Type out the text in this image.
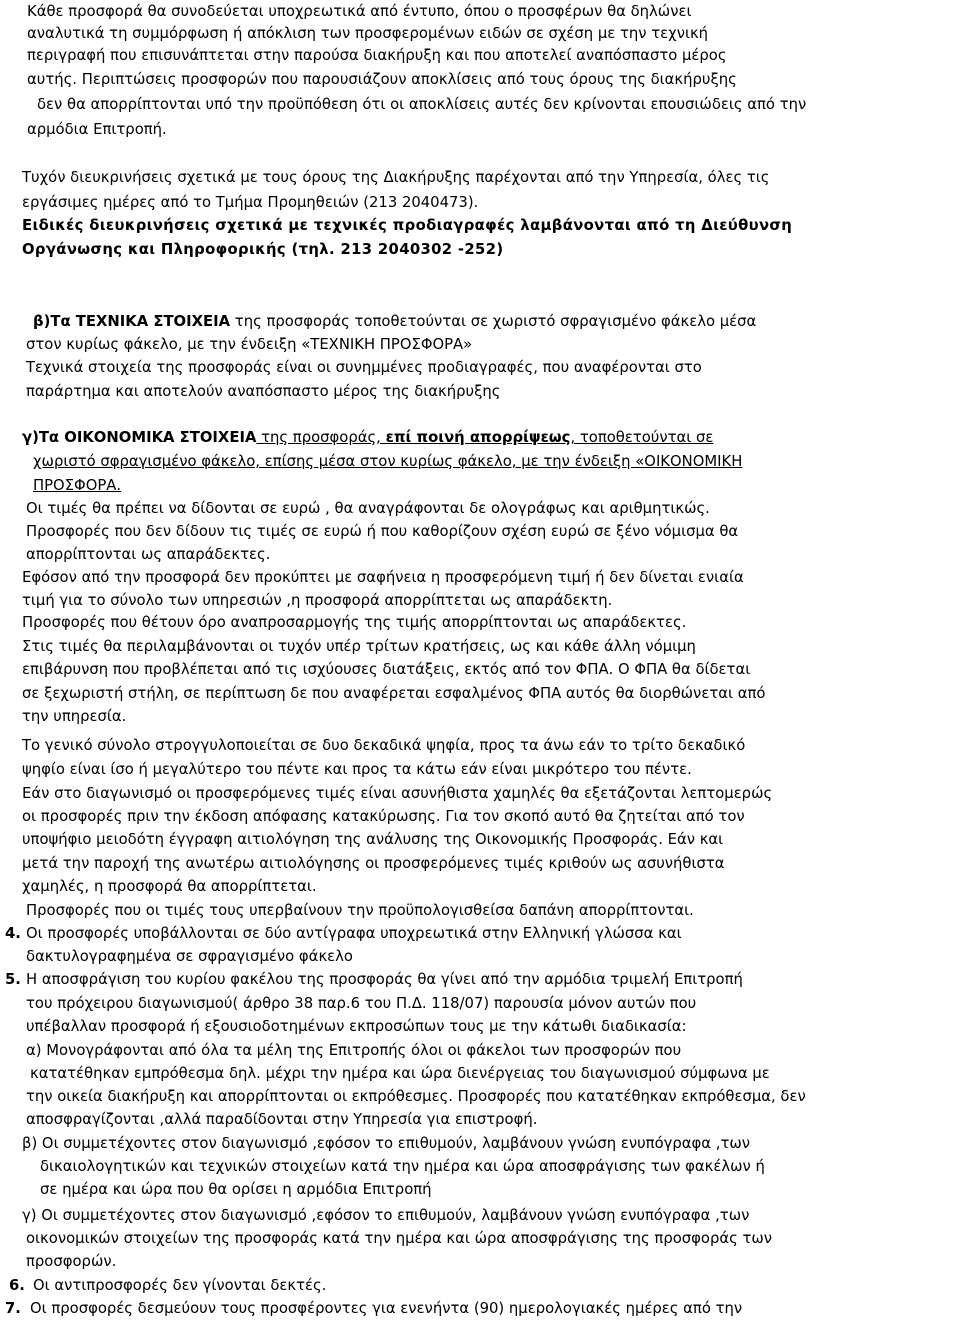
Κάθε προσφορά θα συνοδεύεται υποχρεωτικά από έντυπο, όπου ο προσφέρων θα δηλώνει
αναλυτικά τη συμμόρφωση ή απόκλιση των προσφερομένων ειδών σε σχέση με την τεχνική
περιγραφή που επισυνάπτεται στην παρούσα διακήρυξη και που αποτελεί αναπόσπαστο μέρος
αυτής. Περιπτώσεις προσφορών που παρουσιάζουν αποκλίσεις από τους όρους της διακήρυξης
δεν θα απορρίπτονται υπό την προϋπόθεση ότι οι αποκλίσεις αυτές δεν κρίνονται επουσιώδεις από την
αρμόδια Επιτροπή.
Τυχόν διευκρινήσεις σχετικά με τους όρους της Διακήρυξης παρέχονται από την Υπηρεσία, όλες τις
εργάσιμες ημέρες από το Τμήμα Προμηθειών (213 2040473).
Ειδικές διευκρινήσεις σχετικά με τεχνικές προδιαγραφές λαμβάνονται από τη Διεύθυνση
Οργάνωσης και Πληροφορικής (τηλ. 213 2040302 -252)
β)Τα ΤΕΧΝΙΚΑ ΣΤΟΙΧΕΙΑ της προσφοράς τοποθετούνται σε χωριστό σφραγισμένο φάκελο μέσα
στον κυρίως φάκελο, με την ένδειξη «ΤΕΧΝΙΚΗ ΠΡΟΣΦΟΡΑ»
Τεχνικά στοιχεία της προσφοράς είναι οι συνημμένες προδιαγραφές, που αναφέρονται στο
παράρτημα και αποτελούν αναπόσπαστο μέρος της διακήρυξης
γ)Τα ΟΙΚΟΝΟΜΙΚΑ ΣΤΟΙΧΕΙΑ της προσφοράς, επί ποινή απορρίψεως, τοποθετούνται σε
χωριστό σφραγισμένο φάκελο, επίσης μέσα στον κυρίως φάκελο, με την ένδειξη «ΟΙΚΟΝΟΜΙΚΗ
ΠΡΟΣΦΟΡΑ.
Οι τιμές θα πρέπει να δίδονται σε ευρώ , θα αναγράφονται δε ολογράφως και αριθμητικώς.
Προσφορές που δεν δίδουν τις τιμές σε ευρώ ή που καθορίζουν σχέση ευρώ σε ξένο νόμισμα θα
απορρίπτονται ως απαράδεκτες.
Εφόσον από την προσφορά δεν προκύπτει με σαφήνεια η προσφερόμενη τιμή ή δεν δίνεται ενιαία
τιμή για το σύνολο των υπηρεσιών ,η προσφορά απορρίπτεται ως απαράδεκτη.
Προσφορές που θέτουν όρο αναπροσαρμογής της τιμής απορρίπτονται ως απαράδεκτες.
Στις τιμές θα περιλαμβάνονται οι τυχόν υπέρ τρίτων κρατήσεις, ως και κάθε άλλη νόμιμη
επιβάρυνση που προβλέπεται από τις ισχύουσες διατάξεις, εκτός από τον ΦΠΑ. Ο ΦΠΑ θα δίδεται
σε ξεχωριστή στήλη, σε περίπτωση δε που αναφέρεται εσφαλμένος ΦΠΑ αυτός θα διορθώνεται από
την υπηρεσία.
Το γενικό σύνολο στρογγυλοποιείται σε δυο δεκαδικά ψηφία, προς τα άνω εάν το τρίτο δεκαδικό
ψηφίο είναι ίσο ή μεγαλύτερο του πέντε και προς τα κάτω εάν είναι μικρότερο του πέντε.
Εάν στο διαγωνισμό οι προσφερόμενες τιμές είναι ασυνήθιστα χαμηλές θα εξετάζονται λεπτομερώς
οι προσφορές πριν την έκδοση απόφασης κατακύρωσης. Για τον σκοπό αυτό θα ζητείται από τον
υποψήφιο μειοδότη έγγραφη αιτιολόγηση της ανάλυσης της Οικονομικής Προσφοράς. Εάν και
μετά την παροχή της ανωτέρω αιτιολόγησης οι προσφερόμενες τιμές κριθούν ως ασυνήθιστα
χαμηλές, η προσφορά θα απορρίπτεται.
Προσφορές που οι τιμές τους υπερβαίνουν την προϋπολογισθείσα δαπάνη απορρίπτονται.
4. Οι προσφορές υποβάλλονται σε δύο αντίγραφα υποχρεωτικά στην Ελληνική γλώσσα και
δακτυλογραφημένα σε σφραγισμένο φάκελο
5. Η αποσφράγιση του κυρίου φακέλου της προσφοράς θα γίνει από την αρμόδια τριμελή Επιτροπή
του πρόχειρου διαγωνισμού( άρθρο 38 παρ.6 του Π.Δ. 118/07) παρουσία μόνον αυτών που
υπέβαλλαν προσφορά ή εξουσιοδοτημένων εκπροσώπων τους με την κάτωθι διαδικασία:
α) Μονογράφονται από όλα τα μέλη της Επιτροπής όλοι οι φάκελοι των προσφορών που
κατατέθηκαν εμπρόθεσμα δηλ. μέχρι την ημέρα και ώρα διενέργειας του διαγωνισμού σύμφωνα με
την οικεία διακήρυξη και απορρίπτονται οι εκπρόθεσμες. Προσφορές που κατατέθηκαν εκπρόθεσμα, δεν
αποσφραγίζονται ,αλλά παραδίδονται στην Υπηρεσία για επιστροφή.
β) Οι συμμετέχοντες στον διαγωνισμό ,εφόσον το επιθυμούν, λαμβάνουν γνώση ενυπόγραφα ,των
δικαιολογητικών και τεχνικών στοιχείων κατά την ημέρα και ώρα αποσφράγισης των φακέλων ή
σε ημέρα και ώρα που θα ορίσει η αρμόδια Επιτροπή
γ) Οι συμμετέχοντες στον διαγωνισμό ,εφόσον το επιθυμούν, λαμβάνουν γνώση ενυπόγραφα ,των
οικονομικών στοιχείων της προσφοράς κατά την ημέρα και ώρα αποσφράγισης της προσφοράς των
προσφορών.
6. Οι αντιπροσφορές δεν γίνονται δεκτές.
7. Οι προσφορές δεσμεύουν τους προσφέροντες για ενενήντα (90) ημερολογιακές ημέρες από την
